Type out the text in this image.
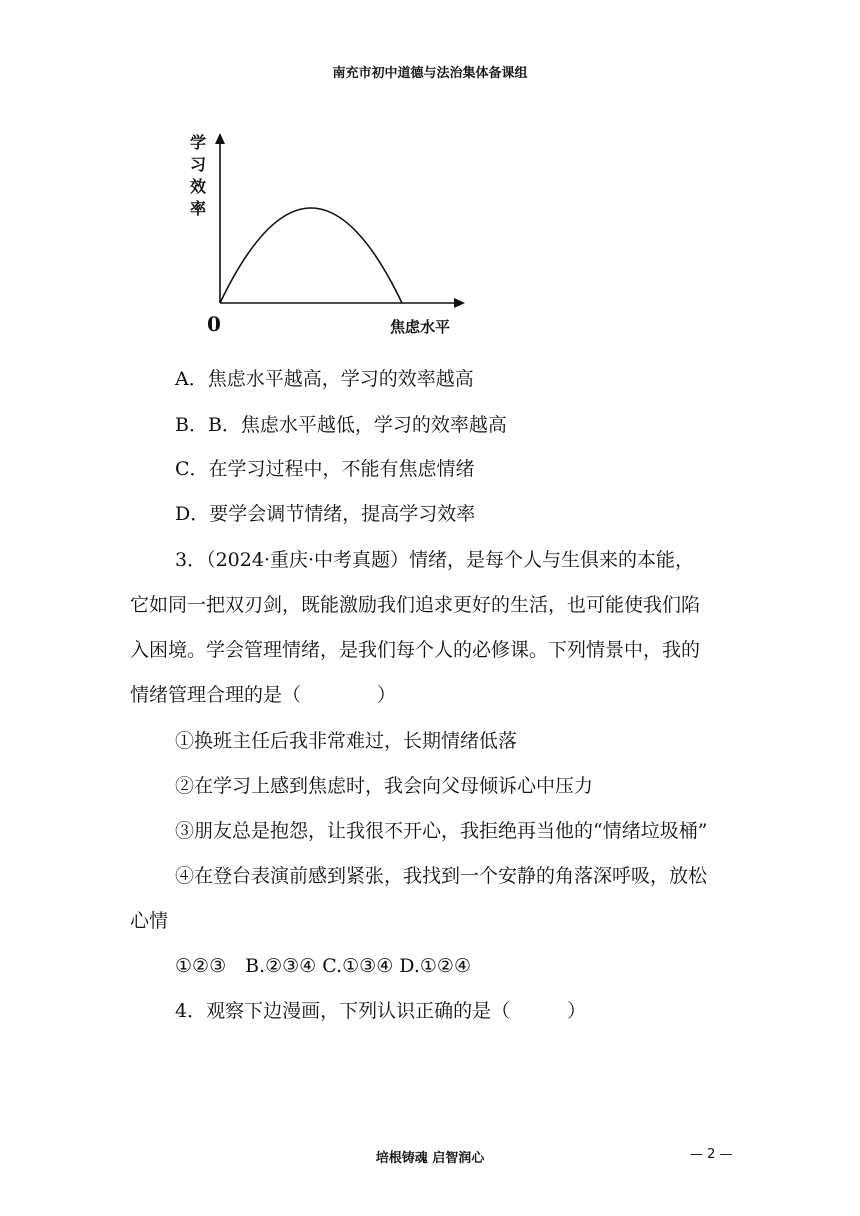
南充市初中道德与法治集体备课组
学习效率
0	焦虑水平
A．焦虑水平越高，学习的效率越高
B．B．焦虑水平越低，学习的效率越高
C．在学习过程中，不能有焦虑情绪
D．要学会调节情绪，提高学习效率
3．（2024·重庆·中考真题）情绪，是每个人与生俱来的本能，
它如同一把双刃剑，既能激励我们追求更好的生活，也可能使我们陷
入困境。学会管理情绪，是我们每个人的必修课。下列情景中，我的
情绪管理合理的是（　　　　）
①换班主任后我非常难过，长期情绪低落
②在学习上感到焦虑时，我会向父母倾诉心中压力
③朋友总是抱怨，让我很不开心，我拒绝再当他的“情绪垃圾桶”
④在登台表演前感到紧张，我找到一个安静的角落深呼吸，放松
心情
①②③　B.②③④ C.①③④ D.①②④
4．观察下边漫画，下列认识正确的是（　　　）
培根铸魂 启智润心	— 2 —
